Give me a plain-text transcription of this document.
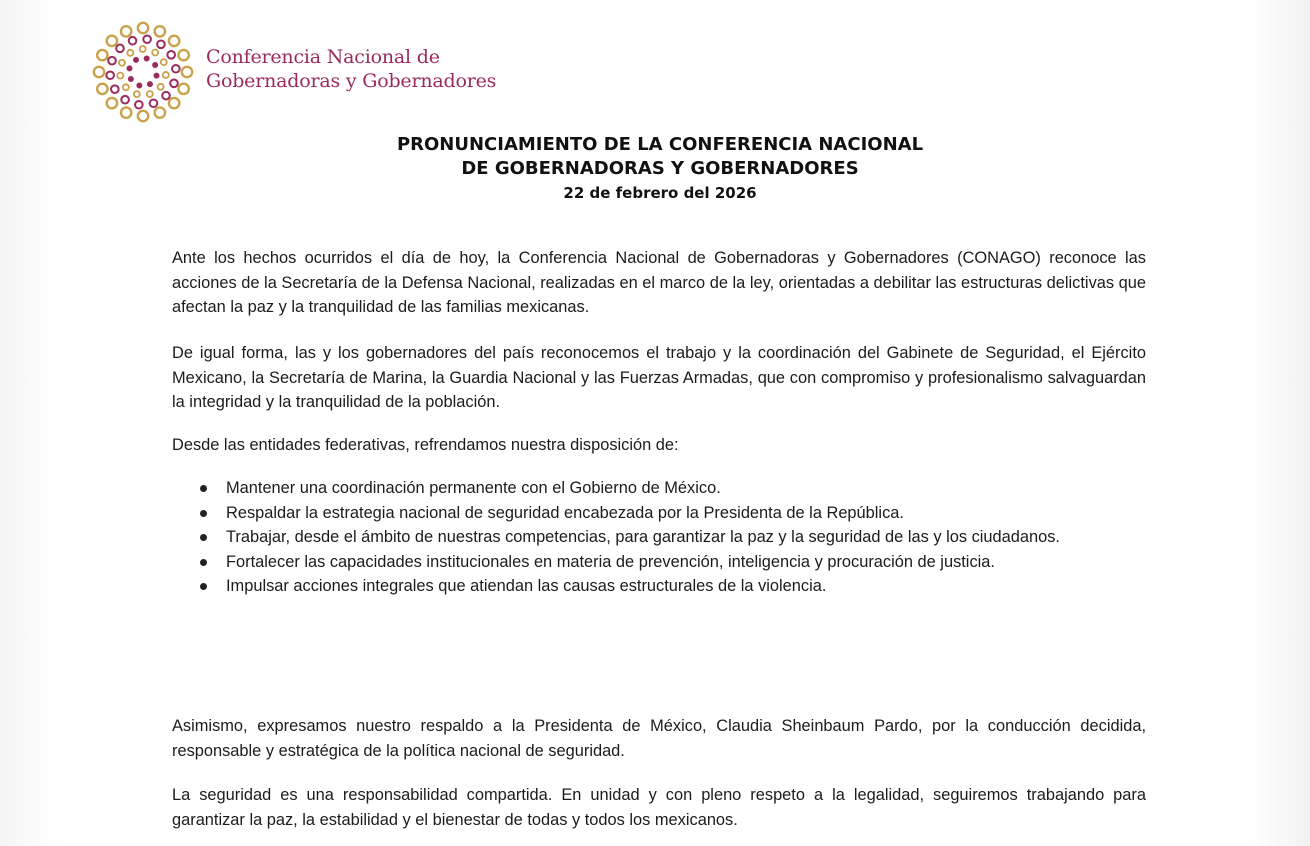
Conferencia Nacional de
Gobernadoras y Gobernadores
PRONUNCIAMIENTO DE LA CONFERENCIA NACIONAL
DE GOBERNADORAS Y GOBERNADORES
22 de febrero del 2026
Ante los hechos ocurridos el día de hoy, la Conferencia Nacional de Gobernadoras y Gobernadores (CONAGO) reconoce las acciones de la Secretaría de la Defensa Nacional, realizadas en el marco de la ley, orientadas a debilitar las estructuras delictivas que afectan la paz y la tranquilidad de las familias mexicanas.
De igual forma, las y los gobernadores del país reconocemos el trabajo y la coordinación del Gabinete de Seguridad, el Ejército Mexicano, la Secretaría de Marina, la Guardia Nacional y las Fuerzas Armadas, que con compromiso y profesionalismo salvaguardan la integridad y la tranquilidad de la población.
Desde las entidades federativas, refrendamos nuestra disposición de:
Mantener una coordinación permanente con el Gobierno de México.
Respaldar la estrategia nacional de seguridad encabezada por la Presidenta de la República.
Trabajar, desde el ámbito de nuestras competencias, para garantizar la paz y la seguridad de las y los ciudadanos.
Fortalecer las capacidades institucionales en materia de prevención, inteligencia y procuración de justicia.
Impulsar acciones integrales que atiendan las causas estructurales de la violencia.
Asimismo, expresamos nuestro respaldo a la Presidenta de México, Claudia Sheinbaum Pardo, por la conducción decidida, responsable y estratégica de la política nacional de seguridad.
La seguridad es una responsabilidad compartida. En unidad y con pleno respeto a la legalidad, seguiremos trabajando para garantizar la paz, la estabilidad y el bienestar de todas y todos los mexicanos.
